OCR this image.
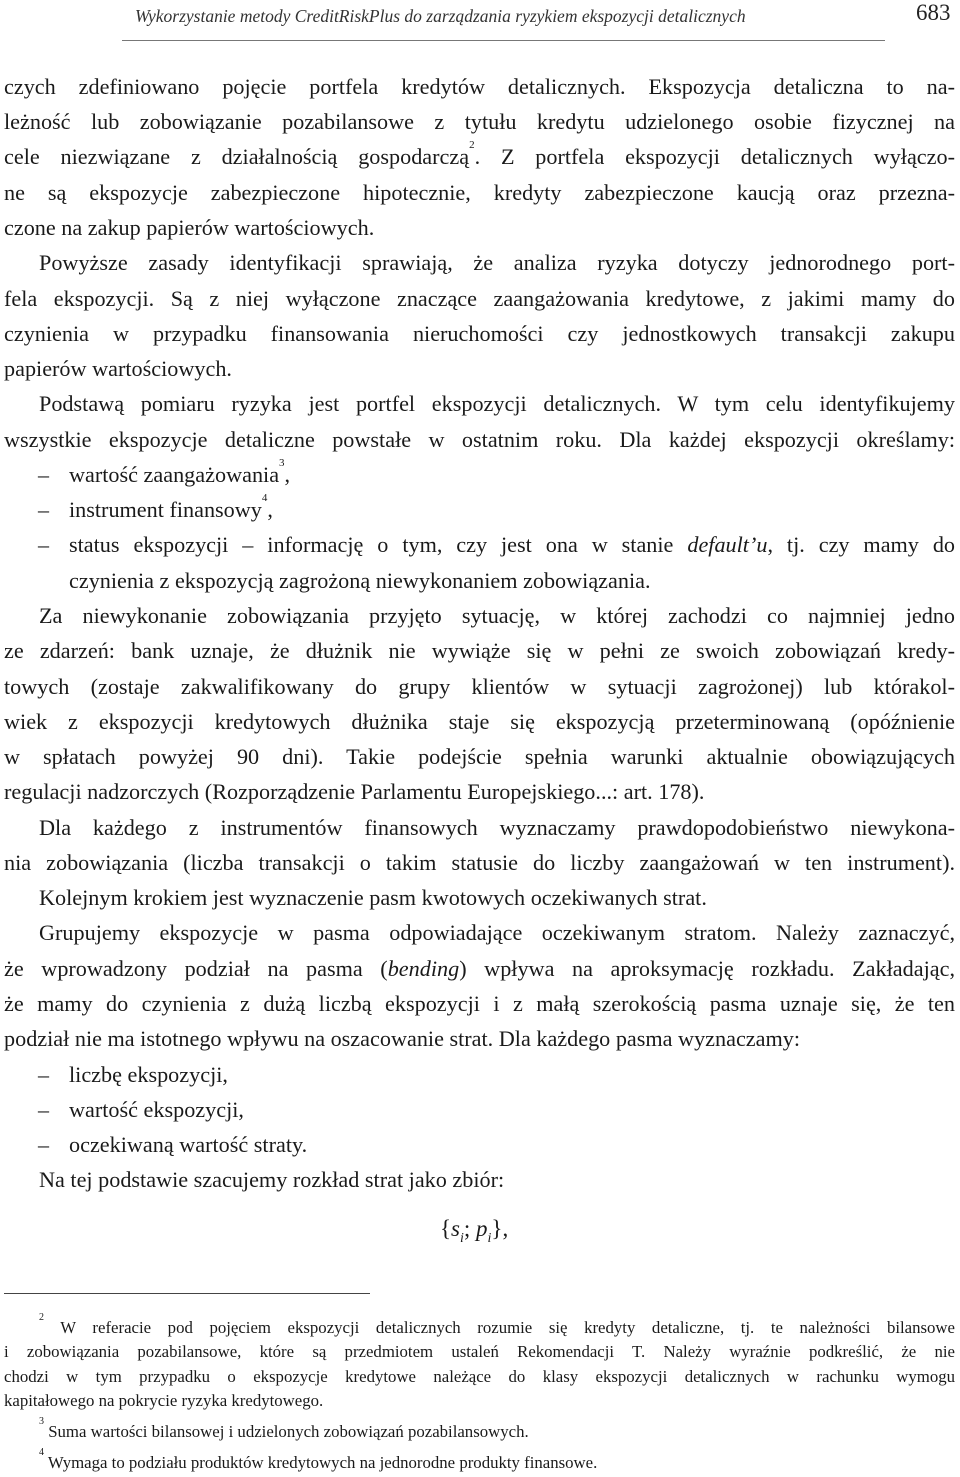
Wykorzystanie metody CreditRiskPlus do zarządzania ryzykiem ekspozycji detalicznych	683
czych zdefiniowano pojęcie portfela kredytów detalicznych. Ekspozycja detaliczna to na-
leżność lub zobowiązanie pozabilansowe z tytułu kredytu udzielonego osobie fizycznej na
cele niezwiązane z działalnością gospodarczą$^2$. Z portfela ekspozycji detalicznych wyłączo-
ne są ekspozycje zabezpieczone hipotecznie, kredyty zabezpieczone kaucją oraz przezna-
czone na zakup papierów wartościowych.
Powyższe zasady identyfikacji sprawiają, że analiza ryzyka dotyczy jednorodnego port-
fela ekspozycji. Są z niej wyłączone znaczące zaangażowania kredytowe, z jakimi mamy do
czynienia w przypadku finansowania nieruchomości czy jednostkowych transakcji zakupu
papierów wartościowych.
Podstawą pomiaru ryzyka jest portfel ekspozycji detalicznych. W tym celu identyfikujemy
wszystkie ekspozycje detaliczne powstałe w ostatnim roku. Dla każdej ekspozycji określamy:
– wartość zaangażowania$^3$,
– instrument finansowy$^4$,
– status ekspozycji – informację o tym, czy jest ona w stanie default’u, tj. czy mamy do
czynienia z ekspozycją zagrożoną niewykonaniem zobowiązania.
Za niewykonanie zobowiązania przyjęto sytuację, w której zachodzi co najmniej jedno
ze zdarzeń: bank uznaje, że dłużnik nie wywiąże się w pełni ze swoich zobowiązań kredy-
towych (zostaje zakwalifikowany do grupy klientów w sytuacji zagrożonej) lub którakol-
wiek z ekspozycji kredytowych dłużnika staje się ekspozycją przeterminowaną (opóźnienie
w spłatach powyżej 90 dni). Takie podejście spełnia warunki aktualnie obowiązujących
regulacji nadzorczych (Rozporządzenie Parlamentu Europejskiego...: art. 178).
Dla każdego z instrumentów finansowych wyznaczamy prawdopodobieństwo niewykona-
nia zobowiązania (liczba transakcji o takim statusie do liczby zaangażowań w ten instrument).
Kolejnym krokiem jest wyznaczenie pasm kwotowych oczekiwanych strat.
Grupujemy ekspozycje w pasma odpowiadające oczekiwanym stratom. Należy zaznaczyć,
że wprowadzony podział na pasma (bending) wpływa na aproksymację rozkładu. Zakładając,
że mamy do czynienia z dużą liczbą ekspozycji i z małą szerokością pasma uznaje się, że ten
podział nie ma istotnego wpływu na oszacowanie strat. Dla każdego pasma wyznaczamy:
– liczbę ekspozycji,
– wartość ekspozycji,
– oczekiwaną wartość straty.
Na tej podstawie szacujemy rozkład strat jako zbiór:
{$s_i$; $p_i$},
$^2$ W referacie pod pojęciem ekspozycji detalicznych rozumie się kredyty detaliczne, tj. te należności bilansowe
i zobowiązania pozabilansowe, które są przedmiotem ustaleń Rekomendacji T. Należy wyraźnie podkreślić, że nie
chodzi w tym przypadku o ekspozycje kredytowe należące do klasy ekspozycji detalicznych w rachunku wymogu
kapitałowego na pokrycie ryzyka kredytowego.
$^3$ Suma wartości bilansowej i udzielonych zobowiązań pozabilansowych.
$^4$ Wymaga to podziału produktów kredytowych na jednorodne produkty finansowe.
